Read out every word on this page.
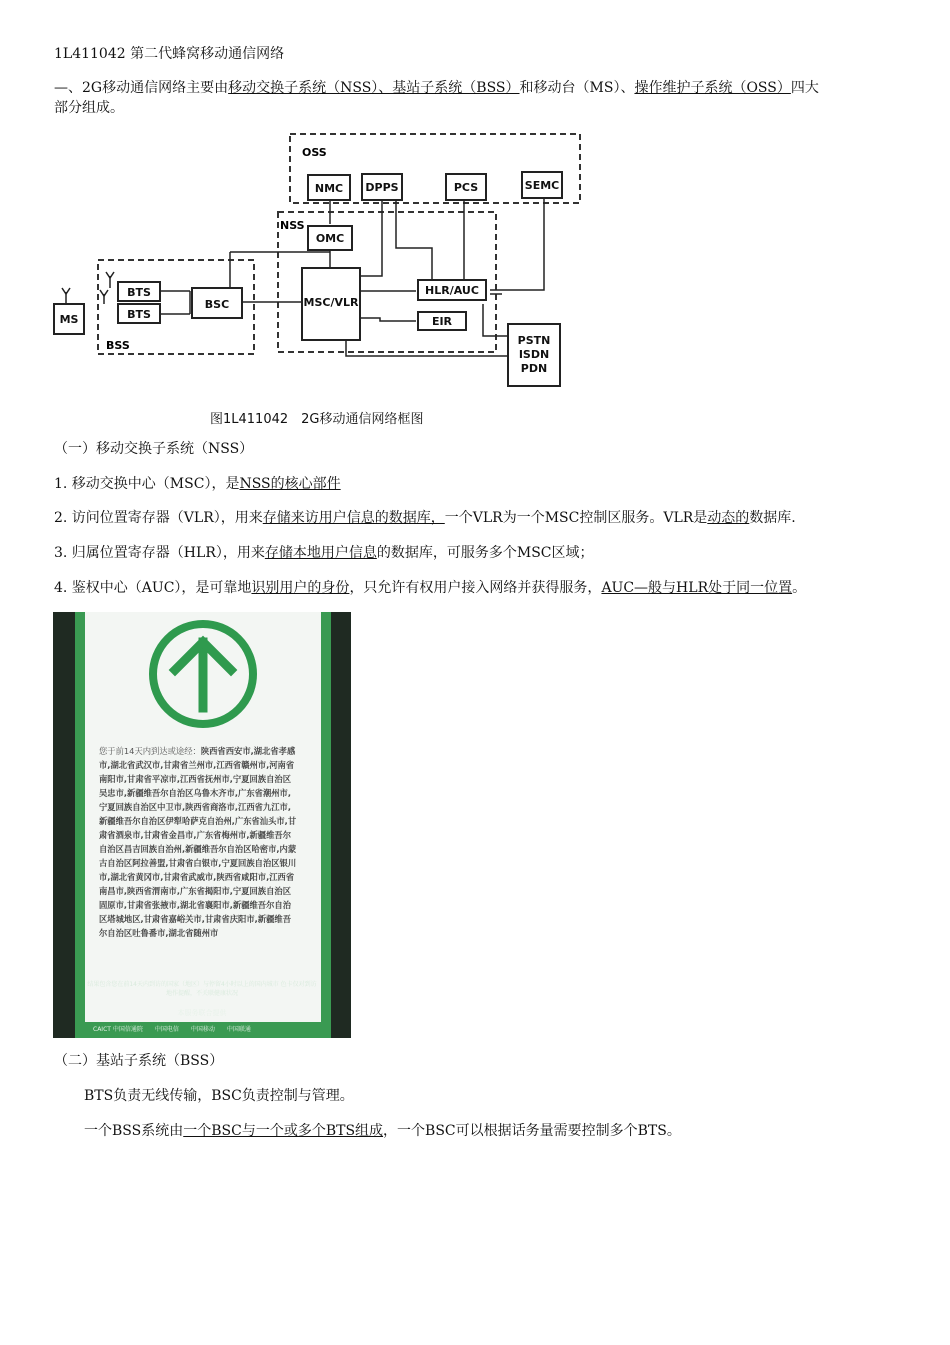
1L411042 第二代蜂窝移动通信网络
—、2G移动通信网络主要由移动交换子系统（NSS）、基站子系统（BSS）和移动台（MS）、操作维护子系统（OSS）四大
部分组成。
OSS
NSS
BSS
NMC DPPS	PCS	SEMC
OMC
BTS
BTS
BSC	MSC/VLR
HLR/AUC
EIR
MS
PSTN
ISDN
PDN
图1L411042　2G移动通信网络框图
（一）移动交换子系统（NSS）
1. 移动交换中心（MSC），是NSS的核心部件
2. 访问位置寄存器（VLR），用来存储来访用户信息的数据库，一个VLR为一个MSC控制区服务。VLR是动态的数据库.
3. 归属位置寄存器（HLR），用来存储本地用户信息的数据库，可服务多个MSC区域；
4. 鉴权中心（AUC），是可靠地识别用户的身份，只允许有权用户接入网络并获得服务，AUC—般与HLR处于同一位置。
您于前14天内到达或途经：陕西省西安市,湖北省孝感市,湖北省武汉市,甘肃省兰州市,江西省赣州市,河南省南阳市,甘肃省平凉市,江西省抚州市,宁夏回族自治区吴忠市,新疆维吾尔自治区乌鲁木齐市,广东省潮州市,宁夏回族自治区中卫市,陕西省商洛市,江西省九江市,新疆维吾尔自治区伊犁哈萨克自治州,广东省汕头市,甘肃省酒泉市,甘肃省金昌市,广东省梅州市,新疆维吾尔自治区昌吉回族自治州,新疆维吾尔自治区哈密市,内蒙古自治区阿拉善盟,甘肃省白银市,宁夏回族自治区银川市,湖北省黄冈市,甘肃省武威市,陕西省咸阳市,江西省南昌市,陕西省渭南市,广东省揭阳市,宁夏回族自治区固原市,甘肃省张掖市,湖北省襄阳市,新疆维吾尔自治区塔城地区,甘肃省嘉峪关市,甘肃省庆阳市,新疆维吾尔自治区吐鲁番市,湖北省随州市
结果包含您在前14天内到访的国家（地区）与停留4小时以上的国内城市 色卡仅对到访地作提醒，不关联健康状况
本服务联合提供
CAICT 中国信通院　　中国电信　　中国移动　　中国联通
（二）基站子系统（BSS）
BTS负责无线传输，BSC负责控制与管理。
一个BSS系统由一个BSC与一个或多个BTS组成，一个BSC可以根据话务量需要控制多个BTS。
